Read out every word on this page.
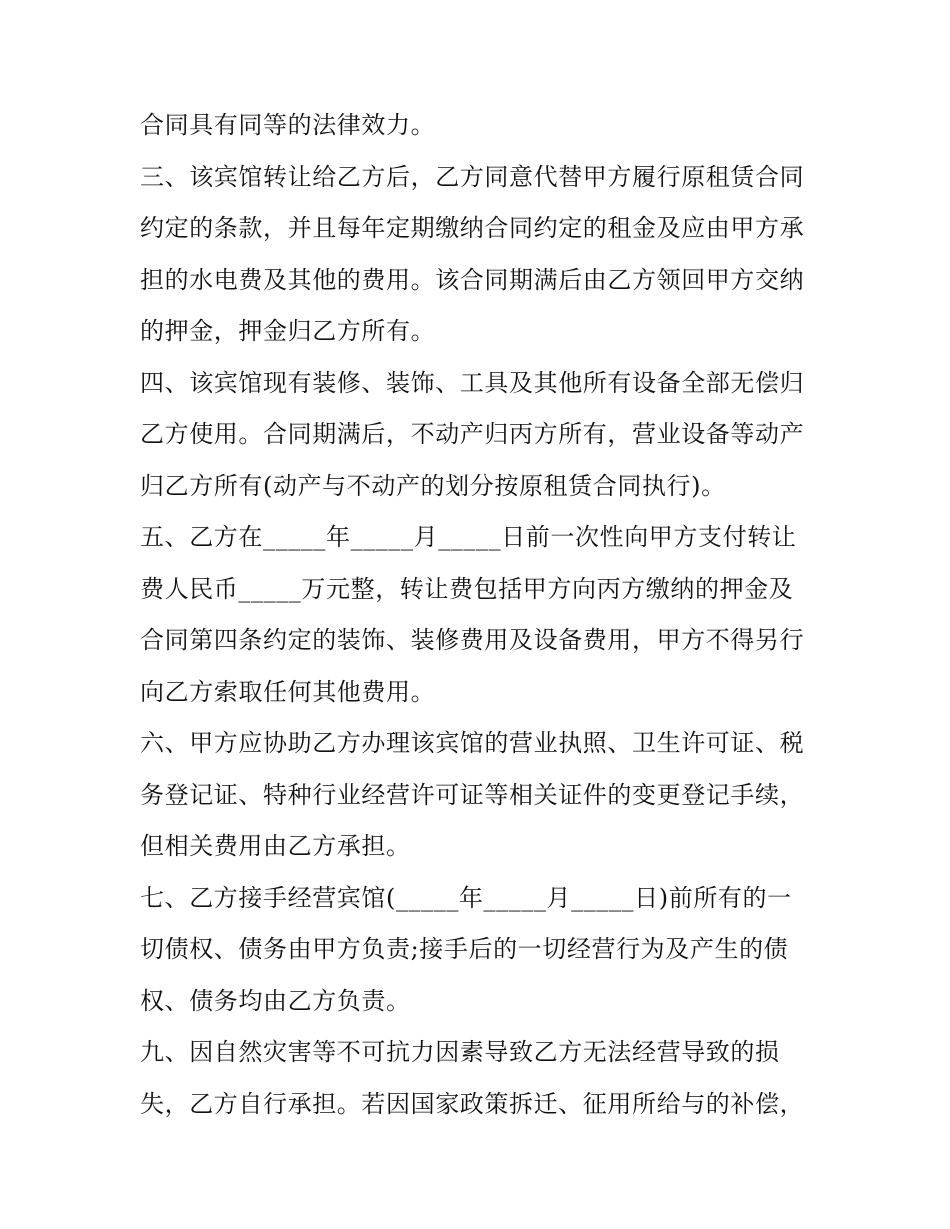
合同具有同等的法律效力。
三、该宾馆转让给乙方后，乙方同意代替甲方履行原租赁合同
约定的条款，并且每年定期缴纳合同约定的租金及应由甲方承
担的水电费及其他的费用。该合同期满后由乙方领回甲方交纳
的押金，押金归乙方所有。
四、该宾馆现有装修、装饰、工具及其他所有设备全部无偿归
乙方使用。合同期满后，不动产归丙方所有，营业设备等动产
归乙方所有(动产与不动产的划分按原租赁合同执行)。
五、乙方在_____年_____月_____日前一次性向甲方支付转让
费人民币_____万元整，转让费包括甲方向丙方缴纳的押金及
合同第四条约定的装饰、装修费用及设备费用，甲方不得另行
向乙方索取任何其他费用。
六、甲方应协助乙方办理该宾馆的营业执照、卫生许可证、税
务登记证、特种行业经营许可证等相关证件的变更登记手续，
但相关费用由乙方承担。
七、乙方接手经营宾馆(_____年_____月_____日)前所有的一
切债权、债务由甲方负责;接手后的一切经营行为及产生的债
权、债务均由乙方负责。
九、因自然灾害等不可抗力因素导致乙方无法经营导致的损
失，乙方自行承担。若因国家政策拆迁、征用所给与的补偿，
